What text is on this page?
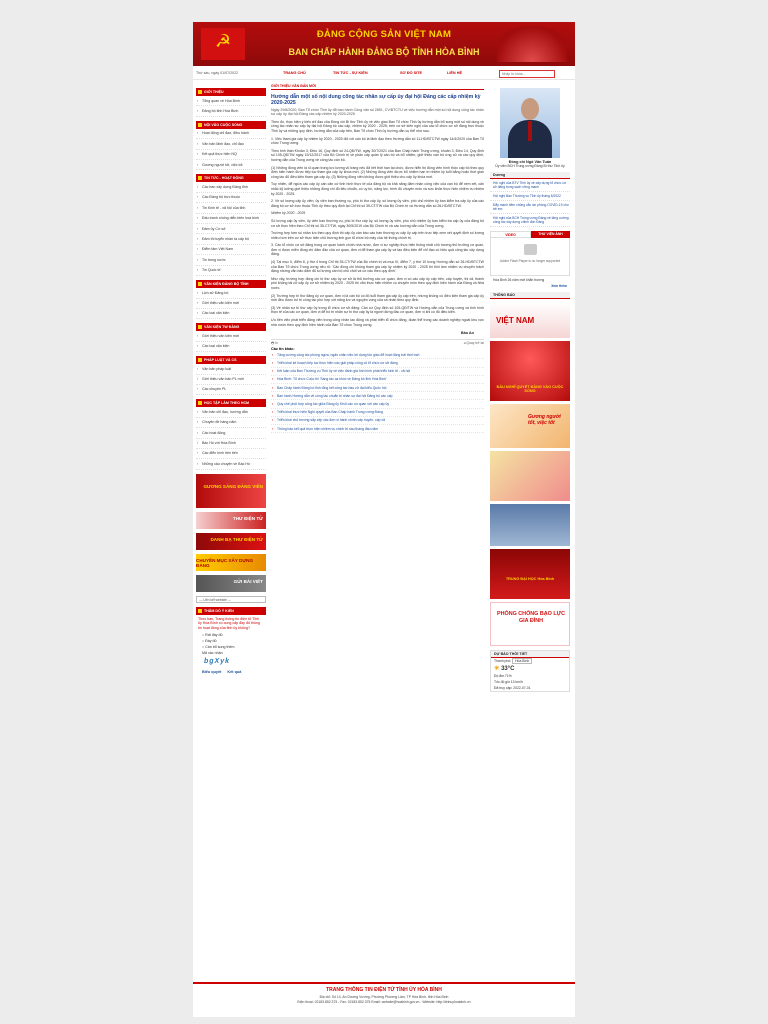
☭	ĐẢNG CỘNG SẢN VIỆT NAM
BAN CHẤP HÀNH ĐẢNG BỘ TỈNH HÒA BÌNH
Thứ sáu, ngày 01/07/2022	TRANG CHỦ	TIN TỨC - SỰ KIỆN	SƠ ĐỒ SITE	LIÊN HỆ
Nhập từ khóa...
GIỚI THIỆU
› Tổng quan về Hòa Bình
› Đảng bộ tỉnh Hòa Bình
NỘI VĂO CUỘC SỐNG
› Hoạt động chỉ đạo, điều hành
› Văn bản lãnh đạo, chỉ đạo
› Kết quả thực hiện NQ
› Gương người tốt, việc tốt
TIN TỨC - HOẠT ĐỘNG
› Các ban xây dựng Đảng tỉnh
› Các Đảng bộ trực thuộc
› Tin Kinh tế - xã hội của tỉnh
› Đấu tranh chống diễn biến hoà bình
› Đảm ủy Cơ sở
› Đảm thi tuyển nhân ta cấp bộ
› Điểm tâm Việt Nam
› Tin trong nước
› Tin Quốc tế
VĂN KIỆN ĐẢNG BỘ TỈNH
› Lịch sử Đảng bộ
› Giới thiệu văn kiện mới
› Các loại văn kiện
VĂN KIỆN TW ĐẢNG
› Giới thiệu văn kiện mới
› Các loại văn kiện
PHÁP LUẬT VÀ CS
› Văn bản pháp luật
› Giới thiệu văn bản PL mới
› Các chuyên PL
HỌC TẬP LÀM THEO HCM
› Văn bản chỉ đạo, hướng dẫn
› Chuyên đề hàng năm
› Các hoạt động
› Bác Hồ với Hòa Bình
› Các điển hình tiên tiến
› Những câu chuyện về Bác Hồ
GƯƠNG SÁNG ĐẢNG VIÊN
THƯ ĐIỆN TỬ
DANH BẠ THƯ ĐIỆN TỬ
CHUYÊN MỤC XÂY DỰNG ĐẢNG
GỬI BÀI VIẾT
--- Liên kết website ---
THĂM DÒ Ý KIẾN
Theo bạn, Trang thông tin điện tử Tỉnh ủy Hòa Bình có cung cấp đầy đủ thông tin hoạt động của tỉnh ủy không?
○ Rất đầy đủ
○ Đầy đủ
○ Cần bổ sung thêm
Mã xác nhận
bgXyk
Biểu quyết Kết quả
GIỚI THIỆU VĂN BẢN MỚI
Hướng dẫn một số nội dung công tác nhân sự cấp ủy đại hội Đảng các cấp nhiệm kỳ 2020-2025
Ngày 29/8/2020, Ban Tổ chức Tỉnh ủy đã ban hành Công văn số 2851, CV/BTCTU về việc hướng dẫn một số nội dung công tác nhân sự cấp ủy đại hội Đảng các cấp nhiệm kỳ 2020-2025
Theo đó, thực hiện ý kiến chỉ đạo của Đồng chí Bí thư Tỉnh ủy về việc giao Ban Tổ chức Tỉnh ủy hướng dẫn bổ sung một số nội dung về công tác nhân sự cấp ủy đại hội Đảng bộ các cấp, nhiệm kỳ 2020 - 2025; trên cơ sở kiến nghị của các tổ chức cơ sở đảng trực thuộc Tỉnh ủy và những quy định, hướng dẫn của cấp trên, Ban Tổ chức Tỉnh ủy hướng dẫn cụ thể như sau.
1. Việc tham gia cấp ủy nhiệm kỳ 2020 - 2025 đối với cán bộ là lãnh đạo theo Hướng dẫn số 11-HD/BTCTW ngày 14/4/2020 của Ban Tổ chức Trung ương.
Theo tinh thần Khoản 3, Điều 16, Quy định số 24-QĐ/TW, ngày 30/7/2021 của Ban Chấp hành Trung ương, khoản 3, Điều 14, Quy định số 105-QĐ/TW ngày 19/12/2017 của Bộ Chính trị về phân cấp quản lý cán bộ và bổ nhiệm, giới thiệu cán bộ ứng cử và các quy định, hướng dẫn của Trung ương về công tác cán bộ.
(1) Những đồng viên là sĩ quan trong lực lượng vũ trang nếu đã hết thời hạn tại chức, được hiển thị đồng viên hình thức cấp bộ theo quy định hiện hành được tiếp tục tham gia cấp ủy khóa mới, (2) Những đồng viên được bổ nhiệm hạn tri nhiệm kỳ tuổi bằng hoặc thời gian công tác đủ điều kiện tham gia cấp ủy, (3) Những đồng viên không được giới thiệu cho cấp ủy khóa mới.
Tuy nhiên, để ngừa các cấp ủy cần căn cứ tình hình thực tế của đảng bộ và khả năng đảm nhận công việc của cán bộ để xem xét, cân nhắc kỹ lưỡng giới thiệu những đồng chí đủ tiêu chuẩn, có uy tín, năng lực, trình độ chuyên môn và sức khỏe thực hiện nhiệm vụ nhiệm kỳ 2020 - 2025.
2. Về số lượng cấp ủy viên, ủy viên ban thường vụ, phó bí thư cấp ủy, số lượng ủy viên, phó chủ nhiệm ủy ban kiểm tra cấp ủy của các đảng bộ cơ sở trực thuộc Tỉnh ủy theo quy định tại Chỉ thị số 35-CT/TW của Bộ Chính trị và Hướng dẫn số 26-HD/BTCTW.
Nhiệm kỳ 2020 - 2025
Số lượng cấp ủy viên, ủy viên ban thường vụ, phó bí thư cấp ủy, số lượng ủy viên, phó chủ nhiệm ủy ban kiểm tra cấp ủy của đảng bộ cơ sở thực hiện theo Chỉ thị số 35-CT/TW, ngày 30/5/2019 của Bộ Chính trị và các hướng dẫn của Trung ương.
Trường hợp hơn số nhân lực theo quy định thì cấp ủy cần báo cáo ban thường vụ cấp ủy cấp trên trực tiếp xem xét quyết định số lượng nhiều hơn trên cơ sở thực hiện chủ trương tinh gọn tổ chức bộ máy của hệ thống chính trị.
3. Các tổ chức cơ sở đảng trong cơ quan hành chính nhà nước, đơn vị sự nghiệp thực hiện thống nhất chủ trương thủ trưởng cơ quan, đơn vị được miễn đồng chí đảm đảo của cơ quan, đơn vị để tham gia cấp ủy và tạo điều kiện để chỉ đạo có hiệu quả công tác xây dựng đảng.
(4) Tại mục II, điểm 6, ý thứ 4 trong Chỉ thị 35-CT/TW của Bộ chính trị và mục III, điểm 7, ý thứ 10 trong Hướng dẫn số 26-HD/BTCTW của Ban Tổ chức Trung ương nêu rõ: 'Các đồng chí không tham gia cấp ủy nhiệm kỳ 2020 - 2025 thì thôi làm nhiệm vụ chuyên trách đảng nhưng vẫn bảo đảm đủ số lượng cán bộ chủ chốt và cơ cấu theo quy định'.
Như vậy, trường hợp đồng chí bí thư cấp ủy cơ sở là thủ trưởng các cơ quan, đơn vị có các cấp ủy cấp trên, cấp huyện, thị xã, thành phố không tái cử cấp ủy cơ sở nhiệm kỳ 2020 - 2025 thì vẫn thực hiện nhiệm vụ chuyên môn theo quy định hiện hành của Đảng và Nhà nước.
(2) Trường hợp bí thư đảng ủy cơ quan, đơn vị là cán bộ có độ tuổi tham gia cấp ủy cấp trên, nhưng không có điều kiện tham gia cấp ủy mới đều được bố trí công tác phù hợp với năng lực và nguyện vọng của cá nhân theo quy định.
(3) Về nhân sự bí thư cấp ủy trong tổ chức cơ sở đảng: Căn cứ Quy định số 105-QĐ/TW và Hướng dẫn của Trung ương và tình hình thực tế của các cơ quan, đơn vị để bố trí nhân sự bí thư cấp ủy là người đứng đầu cơ quan, đơn vị khi có đủ điều kiện.
Ưu tiên việc phát triển đảng viên trong công nhân lao động và phát triển tổ chức đảng, đoàn thể trong các doanh nghiệp ngoài khu vực nhà nước theo quy định hiện hành của Ban Tổ chức Trung ương.
Bảo An
🖶 In	◂ Quay trở lại
Các tin khác:
▪ Tăng cường công tác phòng ngừa, ngăn chặn việc lợi dụng tôn giáo để hoạt động trái thời mới
▪ Triển khai kế hoạch tiếp tục thực hiện các giải pháp củng cố tổ chức cơ sở đảng
▪ Kết luận của Ban Thường vụ Tỉnh ủy về việc đánh giá tình hình phát triển kinh tế - xã hội
▪ Hòa Bình: Tổ chức Cuộc thi 'Sáng tác ca khúc về Đảng bộ tỉnh Hòa Bình'
▪ Ban Chấp hành Đảng bộ tỉnh tổng kết công tác bầu cử đại biểu Quốc hội
▪ Ban hành Hướng dẫn về công tác chuẩn bị nhân sự đại hội Đảng bộ các cấp
▪ Quy chế phối hợp công tác giữa Đảng ủy Khối các cơ quan với các cấp ủy
▪ Triển khai thực hiện Nghị quyết của Ban Chấp hành Trung ương Đảng
▪ Triển khai chủ trương sắp xếp các đơn vị hành chính cấp huyện, cấp xã
▪ Thông báo kết quả thực hiện nhiệm vụ chính trị sáu tháng đầu năm
Đồng chí Ngô Văn Tuấn
Ủy viên BCH Trung ương Đảng Bí thư Tỉnh ủy
Dương
Hội nghị của BTV Tỉnh ủy về xây dựng tổ chức cơ sở đảng trong sạch vững mạnh
Hội nghị Ban Thường vụ Tỉnh ủy tháng 6/2022
Đẩy mạnh tiêm chủng vắc xin phòng COVID-19 cho trẻ em
Hội nghị của BCH Trung ương Đảng về tăng cường công tác xây dựng chỉnh đốn Đảng
VIDEO	THƯ VIỆN ẢNH
Adobe Flash Player is no longer supported
Hòa Bình 26 năm mới khẩn trương
Xem thêm
THÔNG BÁO
VIỆT NAM
ĐẦU NGHĨ QUYẾT ĐẢNG VÀO CUỘC SỐNG
Gương người tốt, việc tốt
TRUNG ĐẠI HỌC Hòa Bình
PHÒNG CHỐNG BẠO LỰC GIA ĐÌNH
DỰ BÁO THỜI TIẾT
Thành phố: Hòa Bình
☀ 33°C
Độ ẩm 71%
Tốc độ gió 13 km/h
Đã truy cập: 2022-07-01
TRANG THÔNG TIN ĐIỆN TỬ TỈNH ỦY HÒA BÌNH
Địa chỉ: Số 14, An Dương Vương, Phường Phương Lâm, TP Hòa Bình, tỉnh Hòa Bình
Điện thoại: 02183.852.375 - Fax: 02183.852.375 Email: website@hoabinh.gov.vn - Website: http://tinhuyhoabinh.vn
